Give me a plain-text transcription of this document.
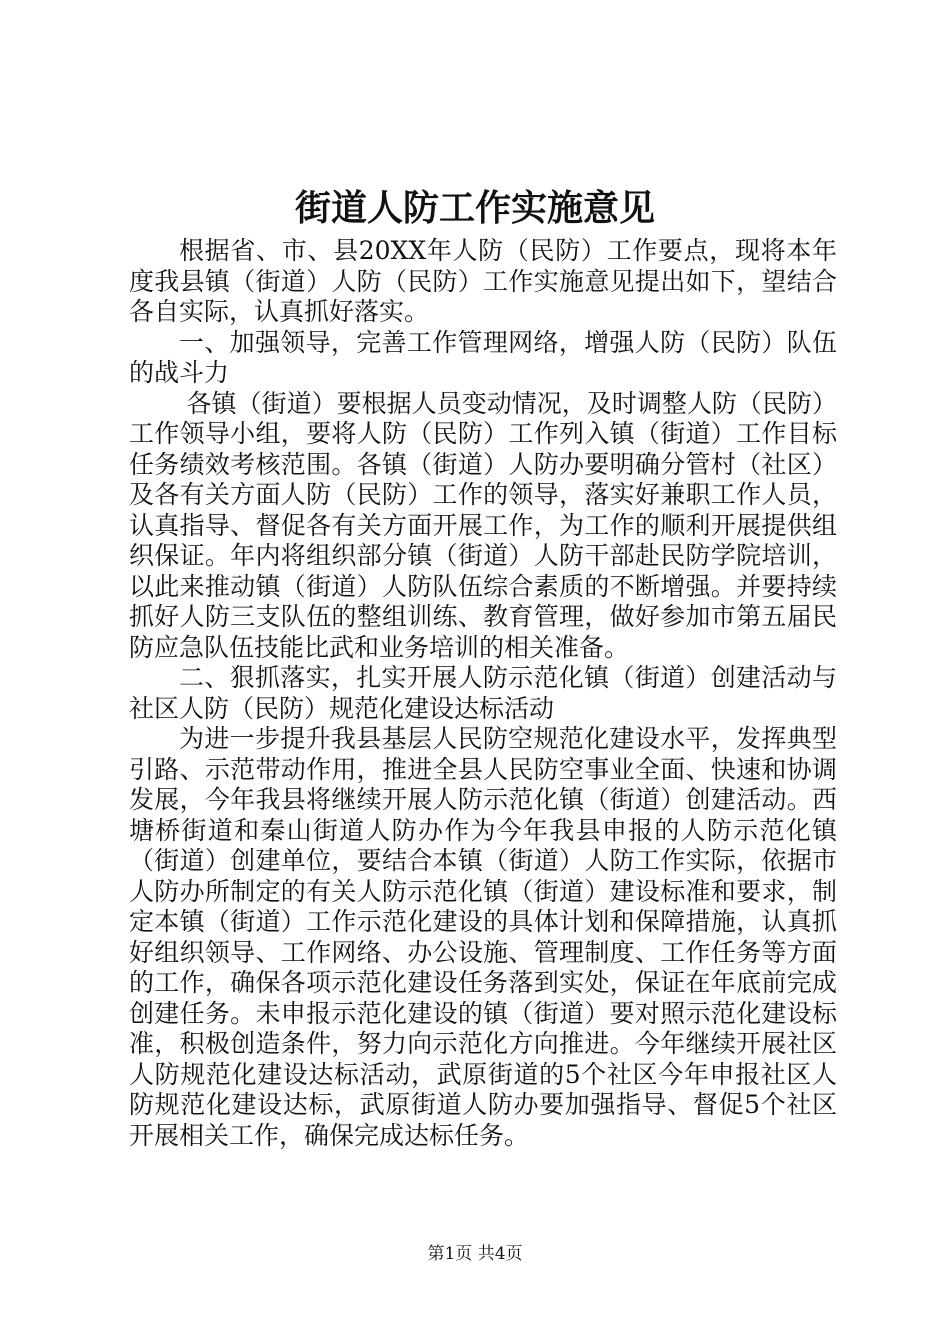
街道人防工作实施意见

根据省、市、县20XX年人防（民防）工作要点，现将本年度我县镇（街道）人防（民防）工作实施意见提出如下，望结合各自实际，认真抓好落实。

一、加强领导，完善工作管理网络，增强人防（民防）队伍的战斗力

各镇（街道）要根据人员变动情况，及时调整人防（民防）工作领导小组，要将人防（民防）工作列入镇（街道）工作目标任务绩效考核范围。各镇（街道）人防办要明确分管村（社区）及各有关方面人防（民防）工作的领导，落实好兼职工作人员，认真指导、督促各有关方面开展工作，为工作的顺利开展提供组织保证。年内将组织部分镇（街道）人防干部赴民防学院培训，以此来推动镇（街道）人防队伍综合素质的不断增强。并要持续抓好人防三支队伍的整组训练、教育管理，做好参加市第五届民防应急队伍技能比武和业务培训的相关准备。

二、狠抓落实，扎实开展人防示范化镇（街道）创建活动与社区人防（民防）规范化建设达标活动

为进一步提升我县基层人民防空规范化建设水平，发挥典型引路、示范带动作用，推进全县人民防空事业全面、快速和协调发展，今年我县将继续开展人防示范化镇（街道）创建活动。西塘桥街道和秦山街道人防办作为今年我县申报的人防示范化镇（街道）创建单位，要结合本镇（街道）人防工作实际，依据市人防办所制定的有关人防示范化镇（街道）建设标准和要求，制定本镇（街道）工作示范化建设的具体计划和保障措施，认真抓好组织领导、工作网络、办公设施、管理制度、工作任务等方面的工作，确保各项示范化建设任务落到实处，保证在年底前完成创建任务。未申报示范化建设的镇（街道）要对照示范化建设标准，积极创造条件，努力向示范化方向推进。今年继续开展社区人防规范化建设达标活动，武原街道的5个社区今年申报社区人防规范化建设达标，武原街道人防办要加强指导、督促5个社区开展相关工作，确保完成达标任务。

第1页 共4页
